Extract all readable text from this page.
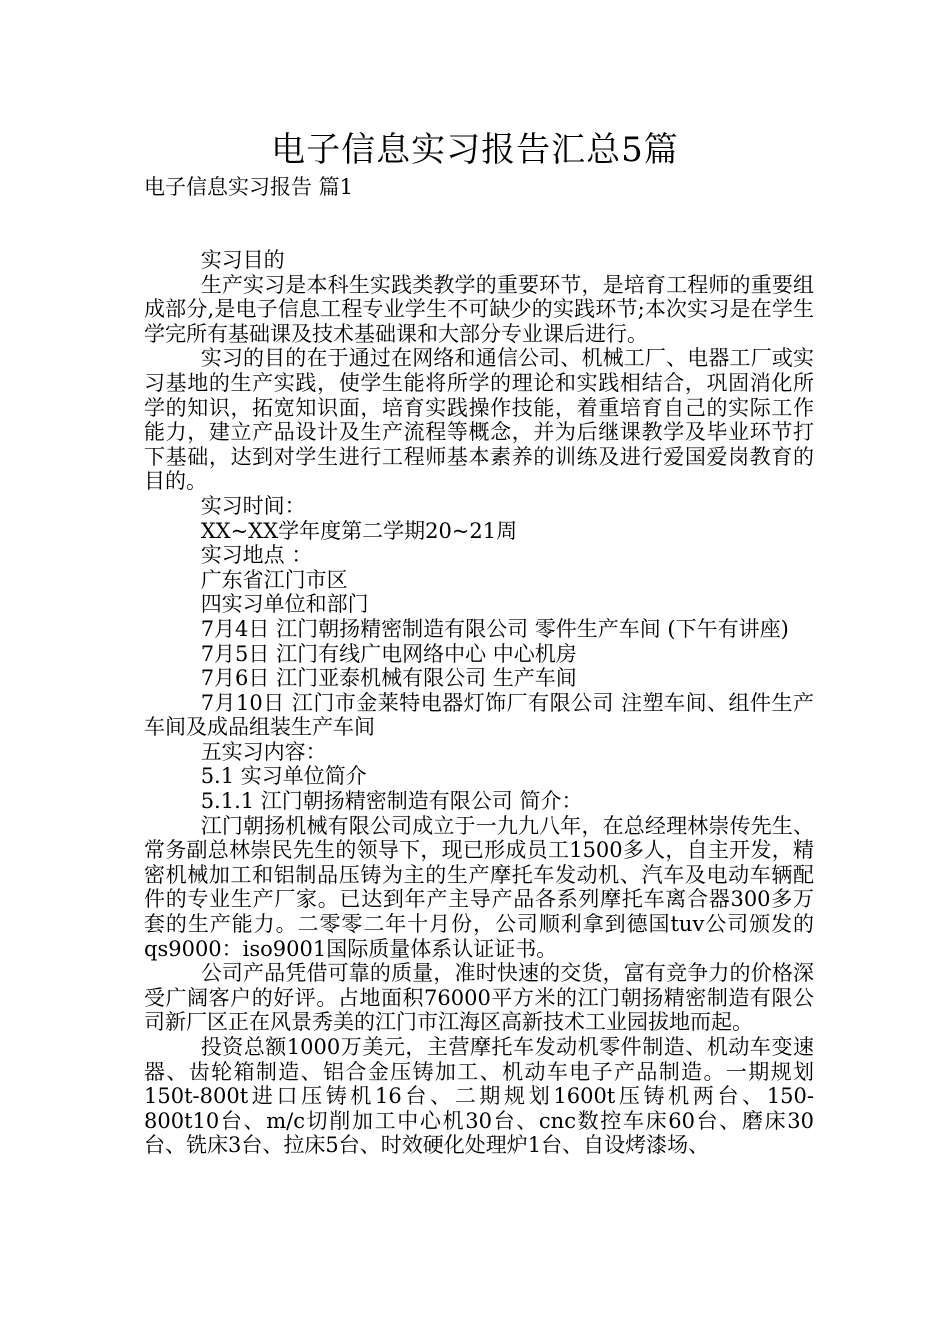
电子信息实习报告汇总5篇
电子信息实习报告 篇1

实习目的

生产实习是本科生实践类教学的重要环节，是培育工程师的重要组成部分,是电子信息工程专业学生不可缺少的实践环节;本次实习是在学生学完所有基础课及技术基础课和大部分专业课后进行。

实习的目的在于通过在网络和通信公司、机械工厂、电器工厂或实习基地的生产实践，使学生能将所学的理论和实践相结合，巩固消化所学的知识，拓宽知识面，培育实践操作技能，着重培育自己的实际工作能力，建立产品设计及生产流程等概念，并为后继课教学及毕业环节打下基础，达到对学生进行工程师基本素养的训练及进行爱国爱岗教育的目的。

实习时间：

XX~XX学年度第二学期20~21周

实习地点 ：

广东省江门市区

四实习单位和部门

7月4日 江门朝扬精密制造有限公司 零件生产车间 (下午有讲座)

7月5日 江门有线广电网络中心 中心机房

7月6日 江门亚泰机械有限公司 生产车间

7月10日 江门市金莱特电器灯饰厂有限公司 注塑车间、组件生产车间及成品组装生产车间

五实习内容：

5.1 实习单位简介

5.1.1 江门朝扬精密制造有限公司 简介：

江门朝扬机械有限公司成立于一九九八年，在总经理林崇传先生、常务副总林崇民先生的领导下，现已形成员工1500多人，自主开发，精密机械加工和铝制品压铸为主的生产摩托车发动机、汽车及电动车辆配件的专业生产厂家。已达到年产主导产品各系列摩托车离合器300多万套的生产能力。二零零二年十月份，公司顺利拿到德国tuv公司颁发的qs9000：iso9001国际质量体系认证证书。

公司产品凭借可靠的质量，准时快速的交货，富有竞争力的价格深受广阔客户的好评。占地面积76000平方米的江门朝扬精密制造有限公司新厂区正在风景秀美的江门市江海区高新技术工业园拔地而起。

投资总额1000万美元，主营摩托车发动机零件制造、机动车变速器、齿轮箱制造、铝合金压铸加工、机动车电子产品制造。一期规划150t-800t进口压铸机16台、二期规划1600t压铸机两台、150-800t10台、m/c切削加工中心机30台、cnc数控车床60台、磨床30台、铣床3台、拉床5台、时效硬化处理炉1台、自设烤漆场、
